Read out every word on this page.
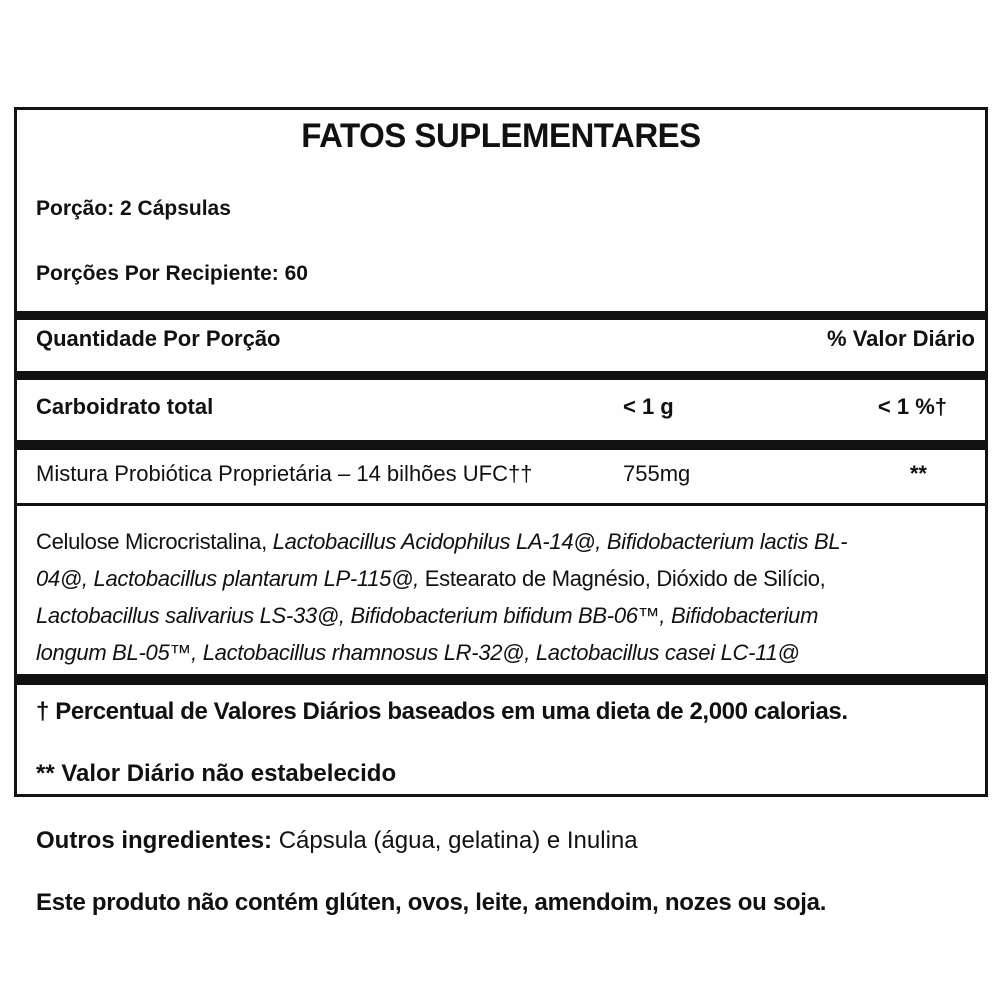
FATOS SUPLEMENTARES
Porção: 2 Cápsulas
Porções Por Recipiente: 60
Quantidade Por Porção	% Valor Diário
Carboidrato total	< 1 g	< 1 %†
Mistura Probiótica Proprietária – 14 bilhões UFC††	755mg	**
Celulose Microcristalina, Lactobacillus Acidophilus LA-14@, Bifidobacterium lactis BL-
04@, Lactobacillus plantarum LP-115@, Estearato de Magnésio, Dióxido de Silício,
Lactobacillus salivarius LS-33@, Bifidobacterium bifidum BB-06™, Bifidobacterium
longum BL-05™, Lactobacillus rhamnosus LR-32@, Lactobacillus casei LC-11@
† Percentual de Valores Diários baseados em uma dieta de 2,000 calorias.
** Valor Diário não estabelecido
Outros ingredientes: Cápsula (água, gelatina) e Inulina
Este produto não contém glúten, ovos, leite, amendoim, nozes ou soja.
